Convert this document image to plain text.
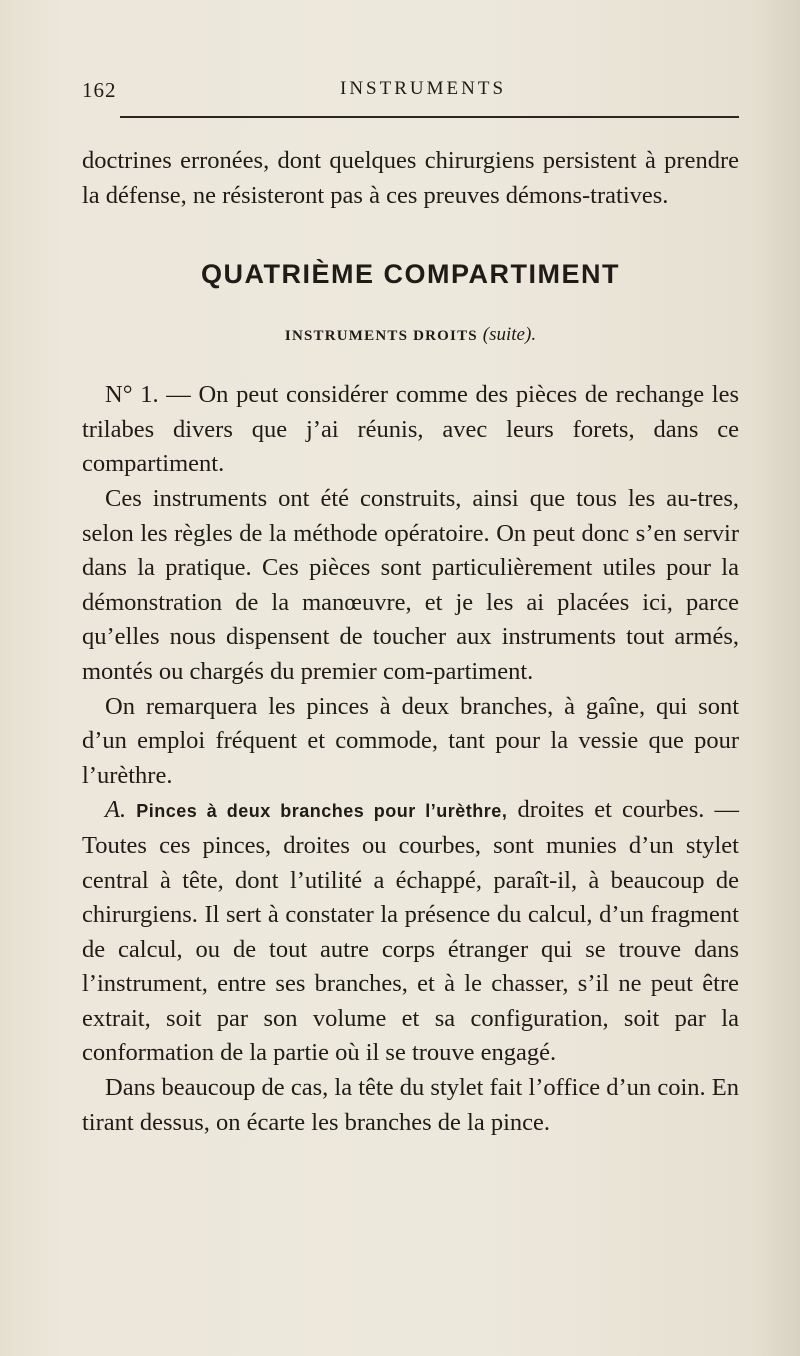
162	INSTRUMENTS

doctrines erronées, dont quelques chirurgiens persistent à prendre la défense, ne résisteront pas à ces preuves démons-tratives.

QUATRIÈME COMPARTIMENT
INSTRUMENTS DROITS (suite).

N° 1. — On peut considérer comme des pièces de rechange les trilabes divers que j’ai réunis, avec leurs forets, dans ce compartiment.

Ces instruments ont été construits, ainsi que tous les au-tres, selon les règles de la méthode opératoire. On peut donc s’en servir dans la pratique. Ces pièces sont particulièrement utiles pour la démonstration de la manœuvre, et je les ai placées ici, parce qu’elles nous dispensent de toucher aux instruments tout armés, montés ou chargés du premier com-partiment.

On remarquera les pinces à deux branches, à gaîne, qui sont d’un emploi fréquent et commode, tant pour la vessie que pour l’urèthre.

A. Pinces à deux branches pour l’urèthre, droites et courbes. — Toutes ces pinces, droites ou courbes, sont munies d’un stylet central à tête, dont l’utilité a échappé, paraît-il, à beaucoup de chirurgiens. Il sert à constater la présence du calcul, d’un fragment de calcul, ou de tout autre corps étranger qui se trouve dans l’instrument, entre ses branches, et à le chasser, s’il ne peut être extrait, soit par son volume et sa configuration, soit par la conformation de la partie où il se trouve engagé.

Dans beaucoup de cas, la tête du stylet fait l’office d’un coin. En tirant dessus, on écarte les branches de la pince.
